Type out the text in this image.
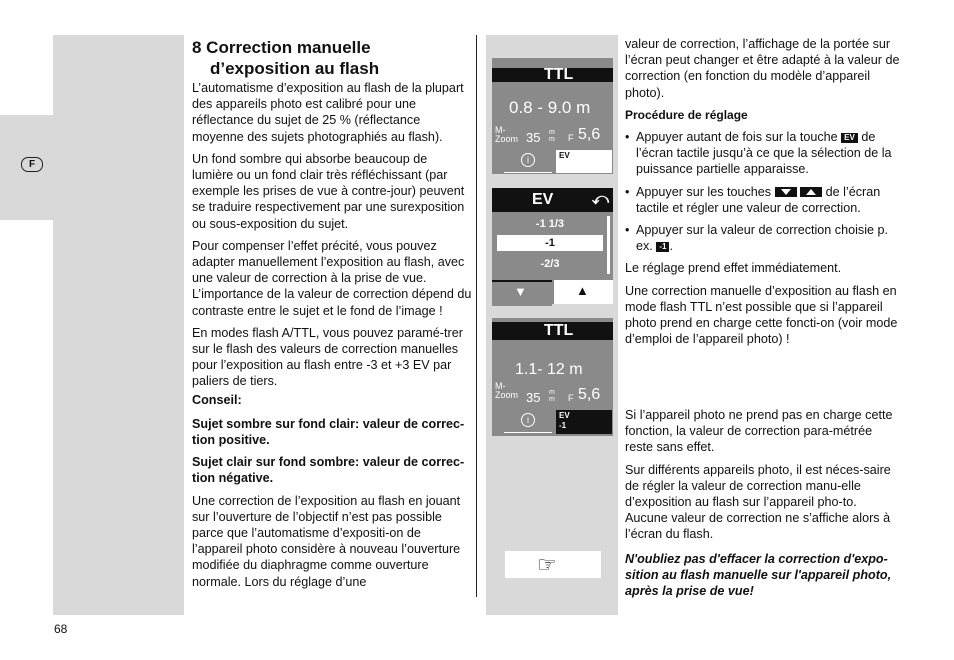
F
8 Correction manuelle
d’exposition au flash

L’automatisme d’exposition au flash de la plupart des appareils photo est calibré pour une réflectance du sujet de 25 % (réflectance moyenne des sujets photographiés au flash).

Un fond sombre qui absorbe beaucoup de lumière ou un fond clair très réfléchissant (par exemple les prises de vue à contre-jour) peuvent se traduire respectivement par une surexposition ou sous-exposition du sujet.

Pour compenser l’effet précité, vous pouvez adapter manuellement l’exposition au flash, avec une valeur de correction à la prise de vue. L’importance de la valeur de correction dépend du contraste entre le sujet et le fond de l’image !

En modes flash A/TTL, vous pouvez paramé-trer sur le flash des valeurs de correction manuelles pour l’exposition au flash entre -3 et +3 EV par paliers de tiers.

Conseil:

Sujet sombre sur fond clair: valeur de correc-tion positive.

Sujet clair sur fond sombre: valeur de correc-tion négative.

Une correction de l’exposition au flash en jouant sur l’ouverture de l’objectif n’est pas possible parce que l’automatisme d’expositi-on de l’appareil photo considère à nouveau l’ouverture modifiée du diaphragme comme ouverture normale. Lors du réglage d’une

TTL
0.8 - 9.0 m
M-
Zoom 35 m
m F 5,6
i	EV
EV ⤺
-1 1/3
-1
-2/3
▼	▲
TTL
1.1- 12 m
M-
Zoom 35 m
m F 5,6
i	EV
-1
☞

valeur de correction, l’affichage de la portée sur l’écran peut changer et être adapté à la valeur de correction (en fonction du modèle d’appareil photo).

Procédure de réglage

• Appuyer autant de fois sur la touche EV de l’écran tactile jusqu’à ce que la sélection de la puissance partielle apparaisse.
• Appuyer sur les touches
	de l’écran tactile et régler une valeur de correction.
• Appuyer sur la valeur de correction choisie p. ex. -1 .

Le réglage prend effet immédiatement.

Une correction manuelle d’exposition au flash en mode flash TTL n’est possible que si l’appareil photo prend en charge cette foncti-on (voir mode d’emploi de l’appareil photo) !

Si l’appareil photo ne prend pas en charge cette fonction, la valeur de correction para-métrée reste sans effet.

Sur différents appareils photo, il est néces-saire de régler la valeur de correction manu-elle d’exposition au flash sur l’appareil pho-to. Aucune valeur de correction ne s’affiche alors à l’écran du flash.

N'oubliez pas d'effacer la correction d'expo-sition au flash manuelle sur l'appareil photo, après la prise de vue!
68
